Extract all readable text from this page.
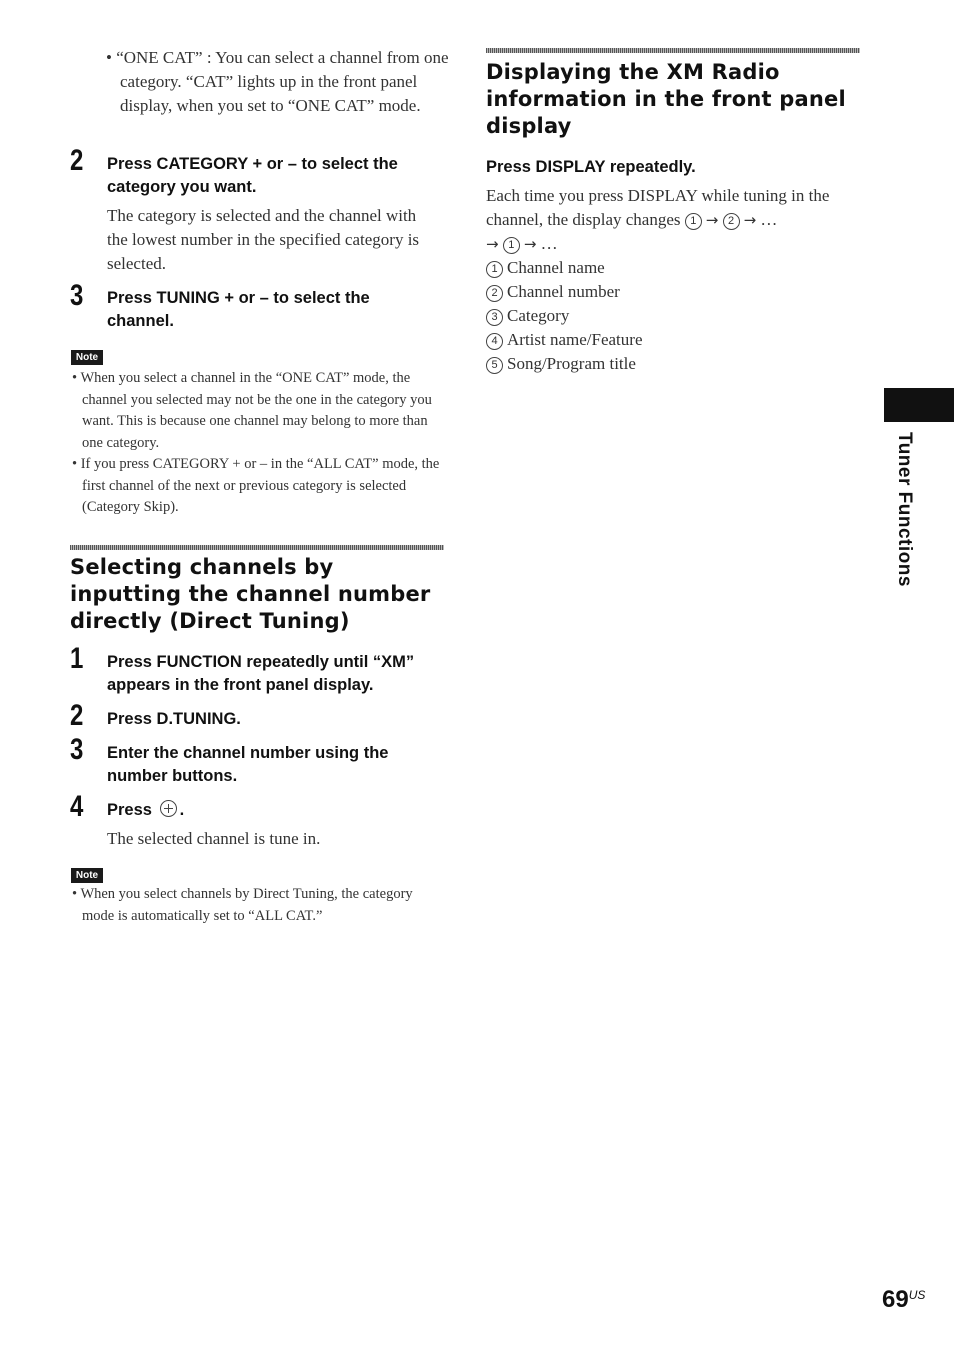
• “ONE CAT” : You can select a channel from one category. “CAT” lights up in the front panel display, when you set to “ONE CAT” mode.
2 Press CATEGORY + or – to select the category you want.
The category is selected and the channel with the lowest number in the specified category is selected.
3 Press TUNING + or – to select the channel.
Note
• When you select a channel in the “ONE CAT” mode, the channel you selected may not be the one in the category you want. This is because one channel may belong to more than one category.
• If you press CATEGORY + or – in the “ALL CAT” mode, the first channel of the next or previous category is selected (Category Skip).
Selecting channels by inputting the channel number directly (Direct Tuning)
1 Press FUNCTION repeatedly until “XM” appears in the front panel display.
2 Press D.TUNING.
3 Enter the channel number using the number buttons.
4 Press .
The selected channel is tune in.
Note
• When you select channels by Direct Tuning, the category mode is automatically set to “ALL CAT.”
Displaying the XM Radio information in the front panel display
Press DISPLAY repeatedly.
Each time you press DISPLAY while tuning in the channel, the display changes 1 → 2 → …
→ 1 → …
1 Channel name
2 Channel number
3 Category
4 Artist name/Feature
5 Song/Program title
Tuner Functions
$69^{US}$
